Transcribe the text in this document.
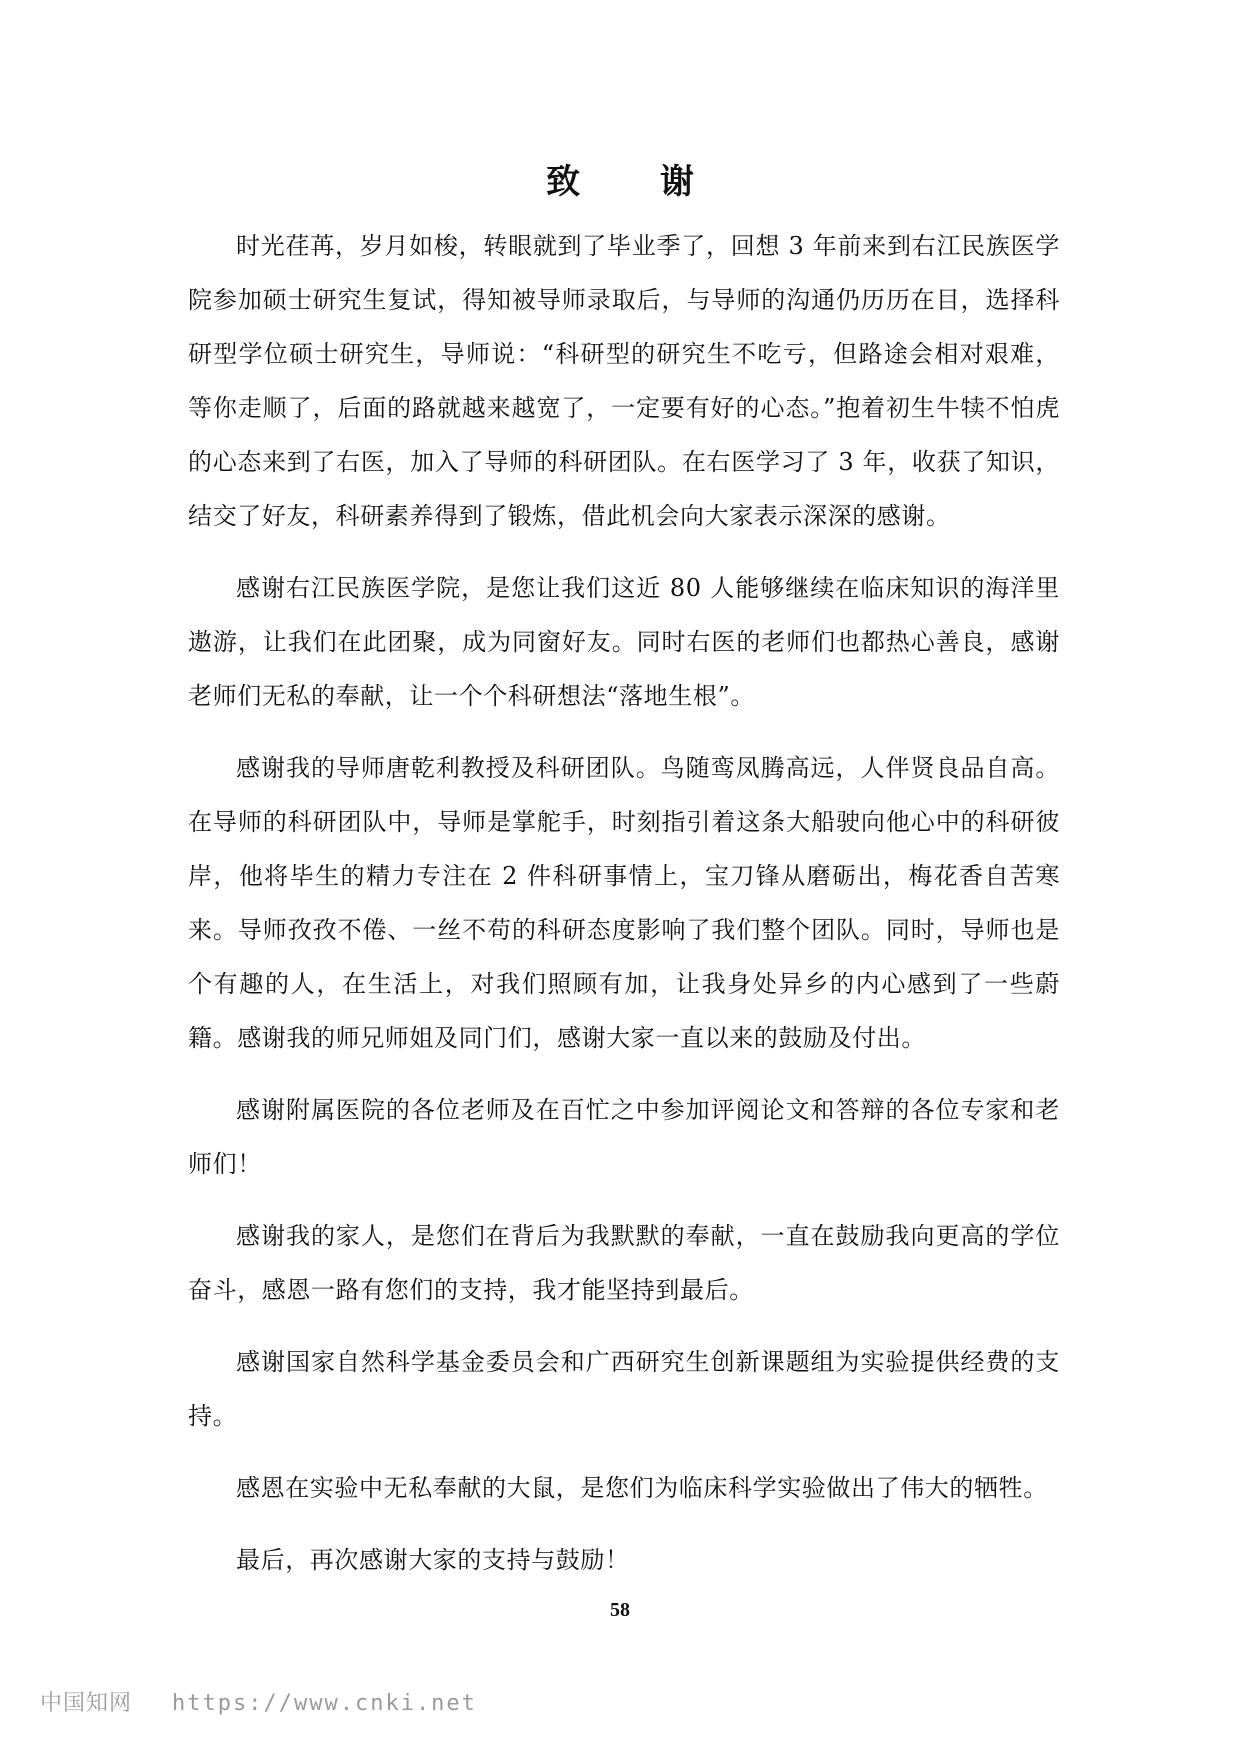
致 谢

时光荏苒，岁月如梭，转眼就到了毕业季了，回想 3 年前来到右江民族医学院参加硕士研究生复试，得知被导师录取后，与导师的沟通仍历历在目，选择科研型学位硕士研究生，导师说：“科研型的研究生不吃亏，但路途会相对艰难，等你走顺了，后面的路就越来越宽了，一定要有好的心态。”抱着初生牛犊不怕虎的心态来到了右医，加入了导师的科研团队。在右医学习了 3 年，收获了知识，结交了好友，科研素养得到了锻炼，借此机会向大家表示深深的感谢。

感谢右江民族医学院，是您让我们这近 80 人能够继续在临床知识的海洋里遨游，让我们在此团聚，成为同窗好友。同时右医的老师们也都热心善良，感谢老师们无私的奉献，让一个个科研想法“落地生根”。

感谢我的导师唐乾利教授及科研团队。鸟随鸾凤腾高远，人伴贤良品自高。在导师的科研团队中，导师是掌舵手，时刻指引着这条大船驶向他心中的科研彼岸，他将毕生的精力专注在 2 件科研事情上，宝刀锋从磨砺出，梅花香自苦寒来。导师孜孜不倦、一丝不苟的科研态度影响了我们整个团队。同时，导师也是个有趣的人，在生活上，对我们照顾有加，让我身处异乡的内心感到了一些蔚籍。感谢我的师兄师姐及同门们，感谢大家一直以来的鼓励及付出。

感谢附属医院的各位老师及在百忙之中参加评阅论文和答辩的各位专家和老师们！

感谢我的家人，是您们在背后为我默默的奉献，一直在鼓励我向更高的学位奋斗，感恩一路有您们的支持，我才能坚持到最后。

感谢国家自然科学基金委员会和广西研究生创新课题组为实验提供经费的支持。

感恩在实验中无私奉献的大鼠，是您们为临床科学实验做出了伟大的牺牲。

最后，再次感谢大家的支持与鼓励！

58
中国知网 https://www.cnki.net
